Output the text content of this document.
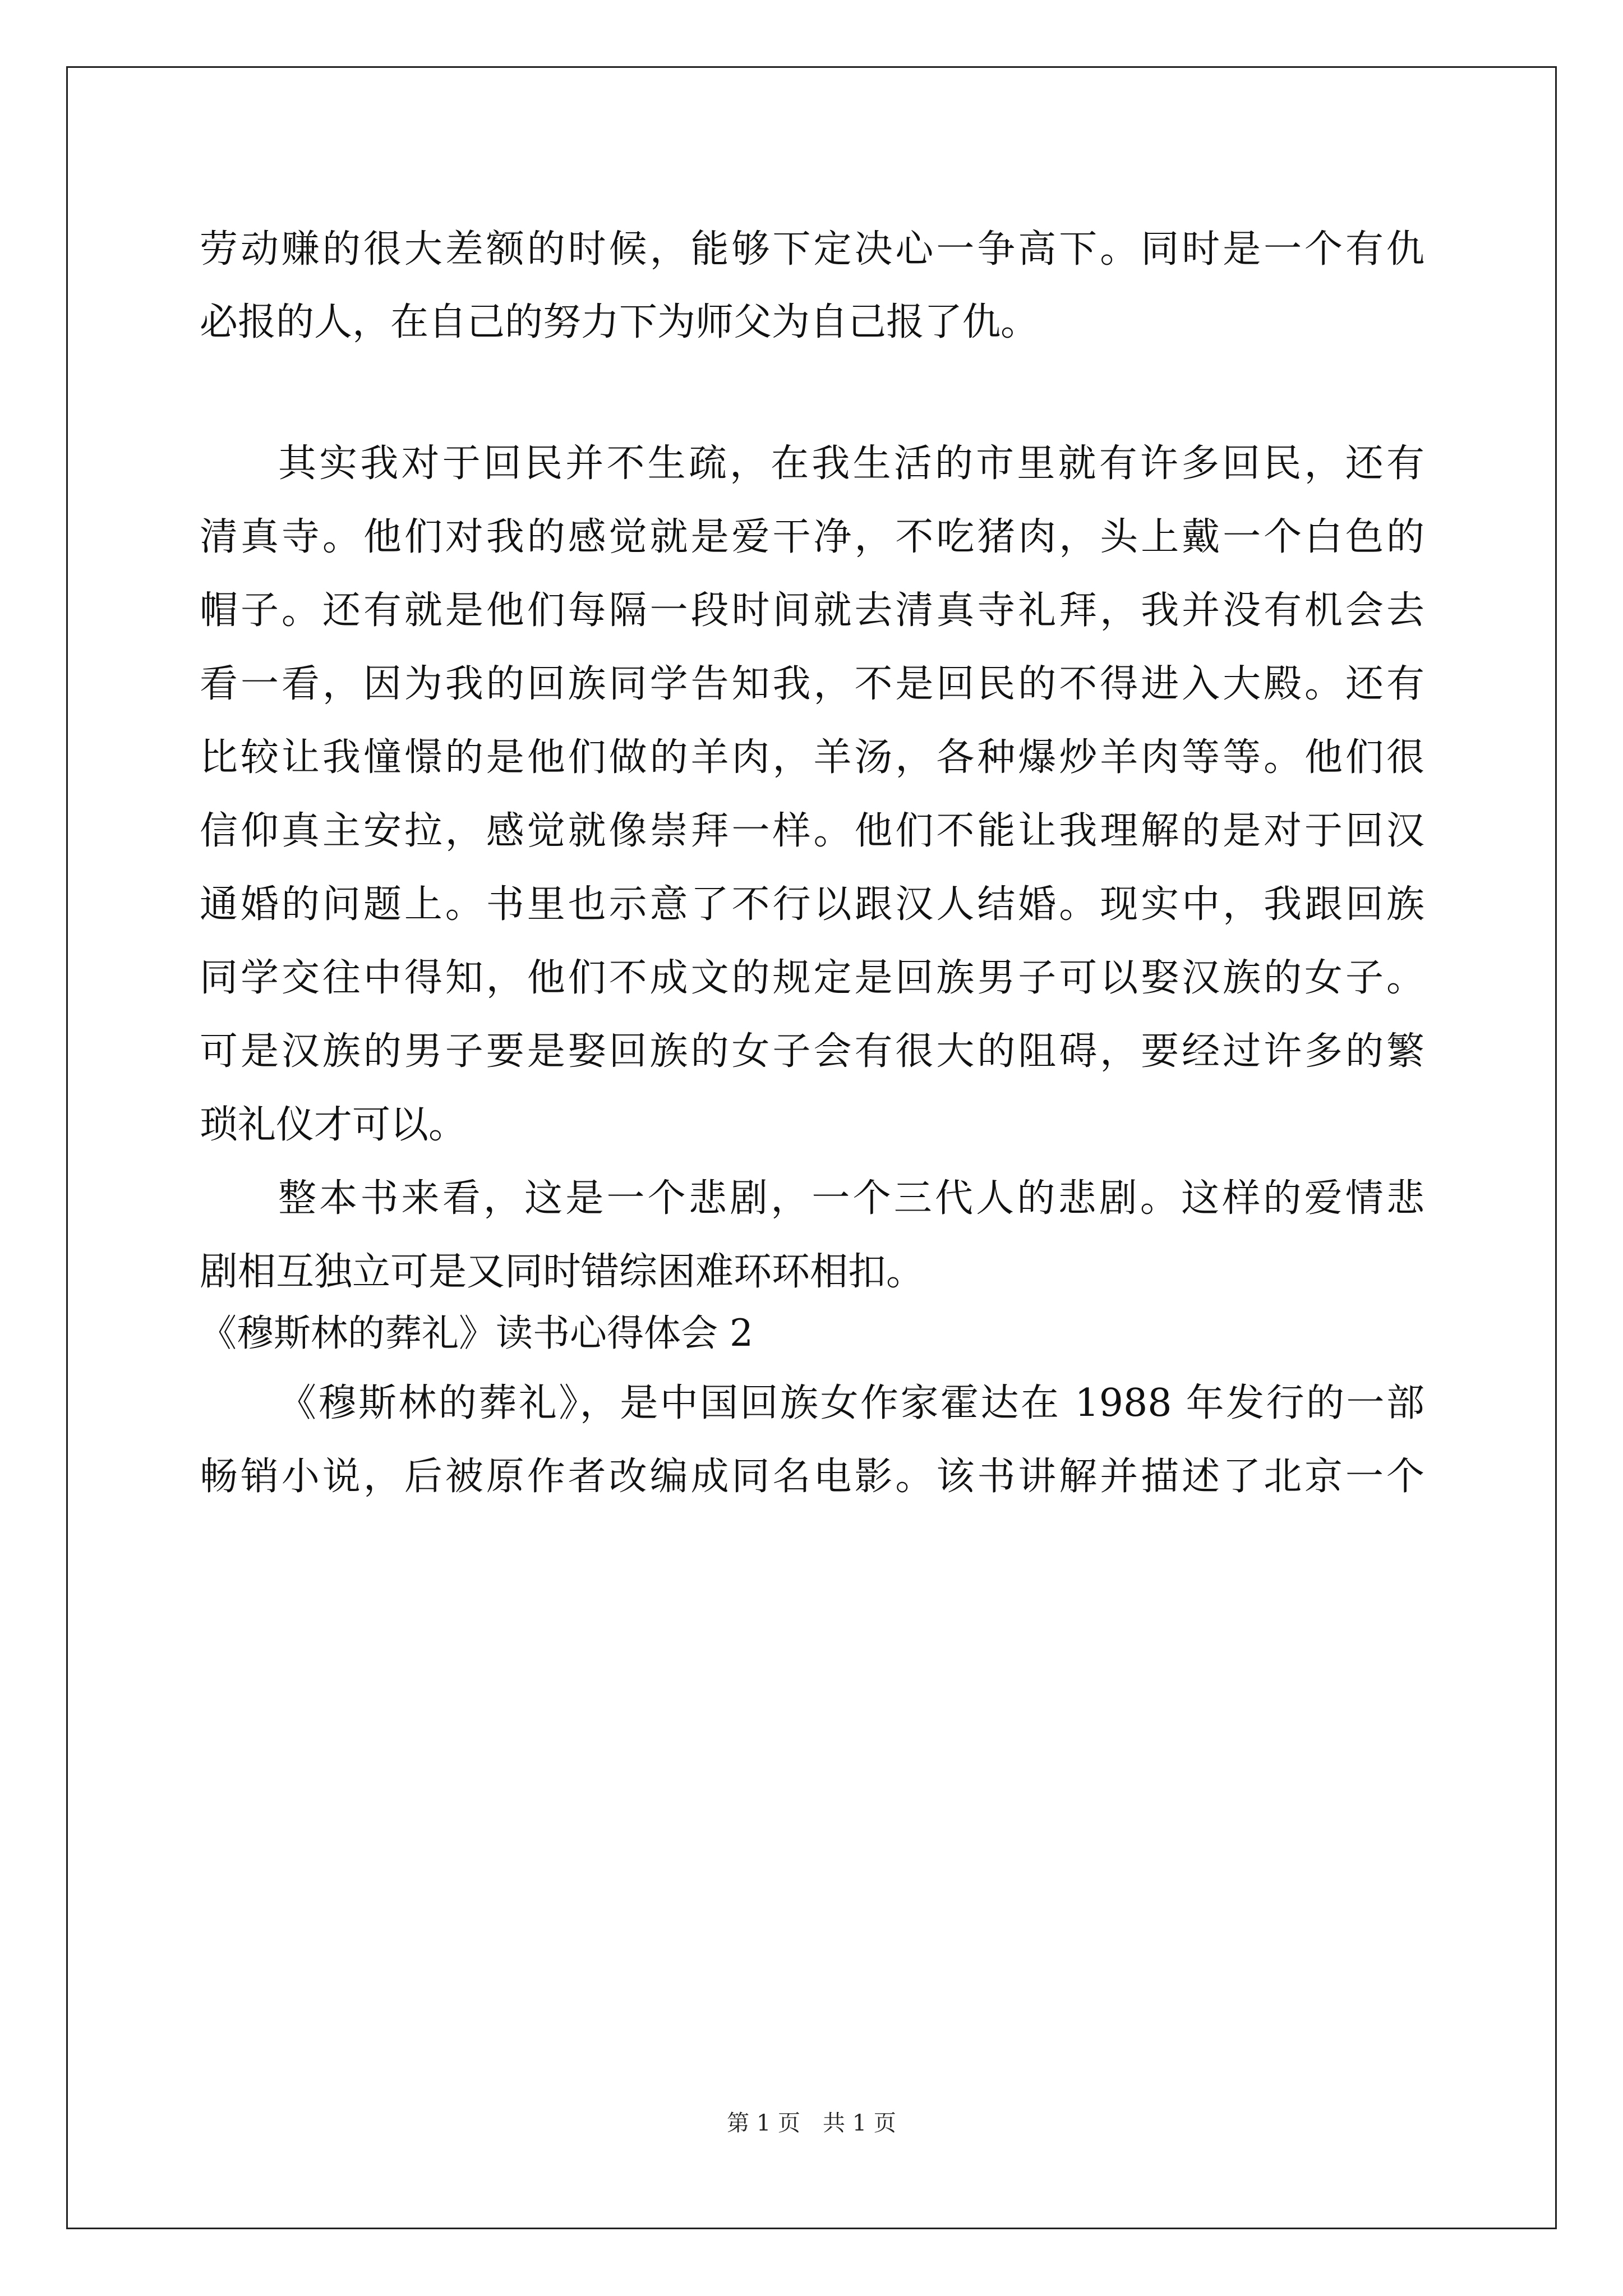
劳动赚的很大差额的时候，能够下定决心一争高下。同时是一个有仇
必报的人，在自己的努力下为师父为自己报了仇。
其实我对于回民并不生疏，在我生活的市里就有许多回民，还有
清真寺。他们对我的感觉就是爱干净，不吃猪肉，头上戴一个白色的
帽子。还有就是他们每隔一段时间就去清真寺礼拜，我并没有机会去
看一看，因为我的回族同学告知我，不是回民的不得进入大殿。还有
比较让我憧憬的是他们做的羊肉，羊汤，各种爆炒羊肉等等。他们很
信仰真主安拉，感觉就像崇拜一样。他们不能让我理解的是对于回汉
通婚的问题上。书里也示意了不行以跟汉人结婚。现实中，我跟回族
同学交往中得知，他们不成文的规定是回族男子可以娶汉族的女子。
可是汉族的男子要是娶回族的女子会有很大的阻碍，要经过许多的繁
琐礼仪才可以。
整本书来看，这是一个悲剧，一个三代人的悲剧。这样的爱情悲
剧相互独立可是又同时错综困难环环相扣。
《穆斯林的葬礼》读书心得体会 2
《穆斯林的葬礼》，是中国回族女作家霍达在 1988 年发行的一部
畅销小说，后被原作者改编成同名电影。该书讲解并描述了北京一个
第 1 页　共 1 页
